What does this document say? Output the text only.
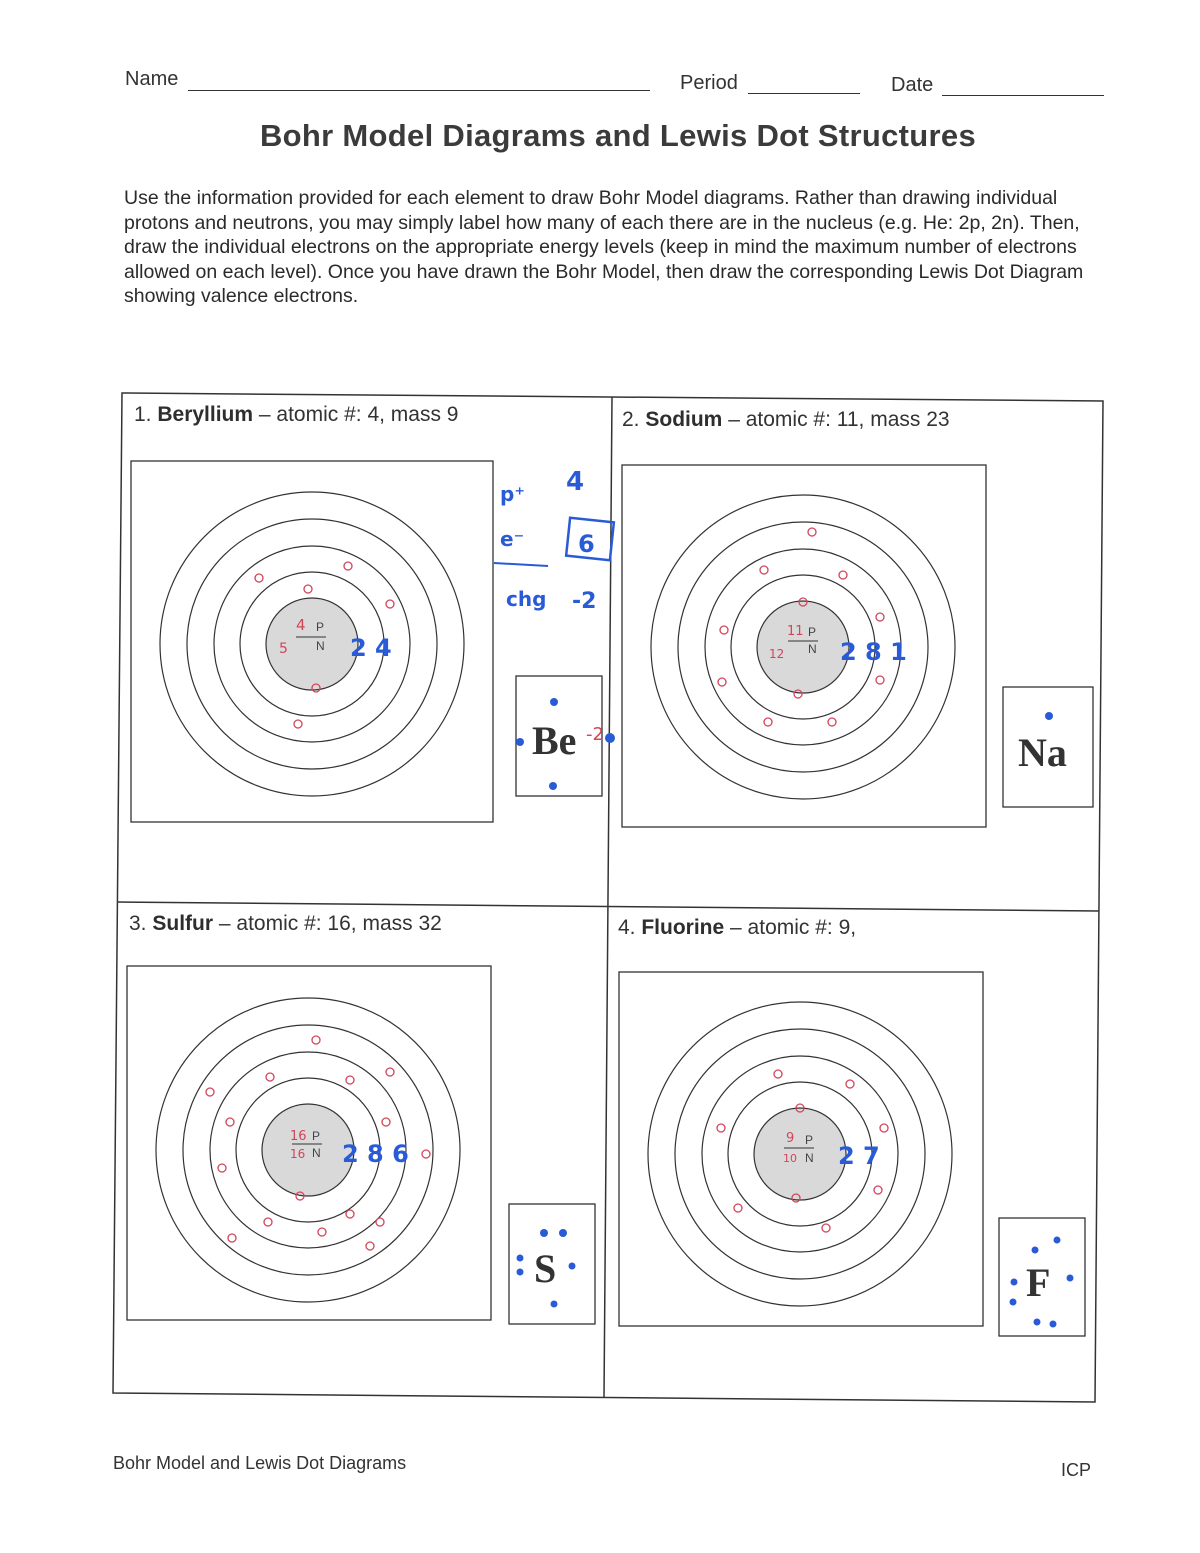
Name	Period	Date
Bohr Model Diagrams and Lewis Dot Structures
Use the information provided for each element to draw Bohr Model diagrams. Rather than drawing individual protons and neutrons, you may simply label how many of each there are in the nucleus (e.g. He: 2p, 2n). Then, draw the individual electrons on the appropriate energy levels (keep in mind the maximum number of electrons allowed on each level). Once you have drawn the Bohr Model, then draw the corresponding Lewis Dot Diagram showing valence electrons.
1. Beryllium – atomic #: 4, mass 9	2. Sodium – atomic #: 11, mass 23
3. Sulfur – atomic #: 16, mass 32	4. Fluorine – atomic #: 9,
P
N
4
5	2 4
p⁺ 4
e⁻ 6
chg -2
Be -2
P
N
11
12 2 8 1
Na
P
N
16
16 2 8 6
S
P
N
9
10 2 7
F
Bohr Model and Lewis Dot Diagrams	ICP
